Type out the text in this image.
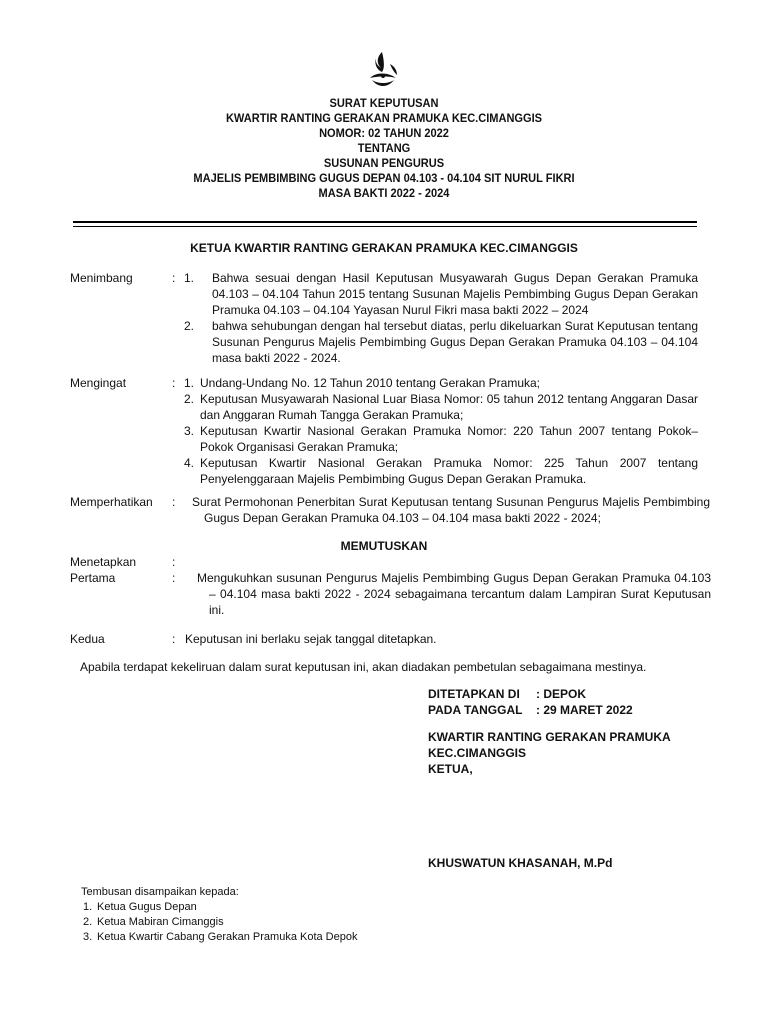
SURAT KEPUTUSAN
KWARTIR RANTING GERAKAN PRAMUKA KEC.CIMANGGIS
NOMOR: 02 TAHUN 2022
TENTANG
SUSUNAN PENGURUS
MAJELIS PEMBIMBING GUGUS DEPAN 04.103 - 04.104 SIT NURUL FIKRI
MASA BAKTI 2022 - 2024
KETUA KWARTIR RANTING GERAKAN PRAMUKA KEC.CIMANGGIS
Menimbang	: 1. Bahwa sesuai dengan Hasil Keputusan Musyawarah Gugus Depan Gerakan Pramuka 04.103 – 04.104 Tahun 2015 tentang Susunan Majelis Pembimbing Gugus Depan Gerakan Pramuka 04.103 – 04.104 Yayasan Nurul Fikri masa bakti 2022 – 2024
2. bahwa sehubungan dengan hal tersebut diatas, perlu dikeluarkan Surat Keputusan tentang Susunan Pengurus Majelis Pembimbing Gugus Depan Gerakan Pramuka 04.103 – 04.104 masa bakti 2022 - 2024.
Mengingat	: 1. Undang-Undang No. 12 Tahun 2010 tentang Gerakan Pramuka;
2. Keputusan Musyawarah Nasional Luar Biasa Nomor: 05 tahun 2012 tentang Anggaran Dasar dan Anggaran Rumah Tangga Gerakan Pramuka;
3. Keputusan Kwartir Nasional Gerakan Pramuka Nomor: 220 Tahun 2007 tentang Pokok–Pokok Organisasi Gerakan Pramuka;
4. Keputusan Kwartir Nasional Gerakan Pramuka Nomor: 225 Tahun 2007 tentang Penyelenggaraan Majelis Pembimbing Gugus Depan Gerakan Pramuka.
Memperhatikan : Surat Permohonan Penerbitan Surat Keputusan tentang Susunan Pengurus Majelis Pembimbing Gugus Depan Gerakan Pramuka 04.103 – 04.104 masa bakti 2022 - 2024;
MEMUTUSKAN
Menetapkan	:
Pertama	: Mengukuhkan susunan Pengurus Majelis Pembimbing Gugus Depan Gerakan Pramuka 04.103 – 04.104 masa bakti 2022 - 2024 sebagaimana tercantum dalam Lampiran Surat Keputusan ini.
Kedua	: Keputusan ini berlaku sejak tanggal ditetapkan.
Apabila terdapat kekeliruan dalam surat keputusan ini, akan diadakan pembetulan sebagaimana mestinya.
DITETAPKAN DI	: DEPOK
PADA TANGGAL	: 29 MARET 2022
KWARTIR RANTING GERAKAN PRAMUKA
KEC.CIMANGGIS
KETUA,
KHUSWATUN KHASANAH, M.Pd
Tembusan disampaikan kepada:
1. Ketua Gugus Depan
2. Ketua Mabiran Cimanggis
3. Ketua Kwartir Cabang Gerakan Pramuka Kota Depok
